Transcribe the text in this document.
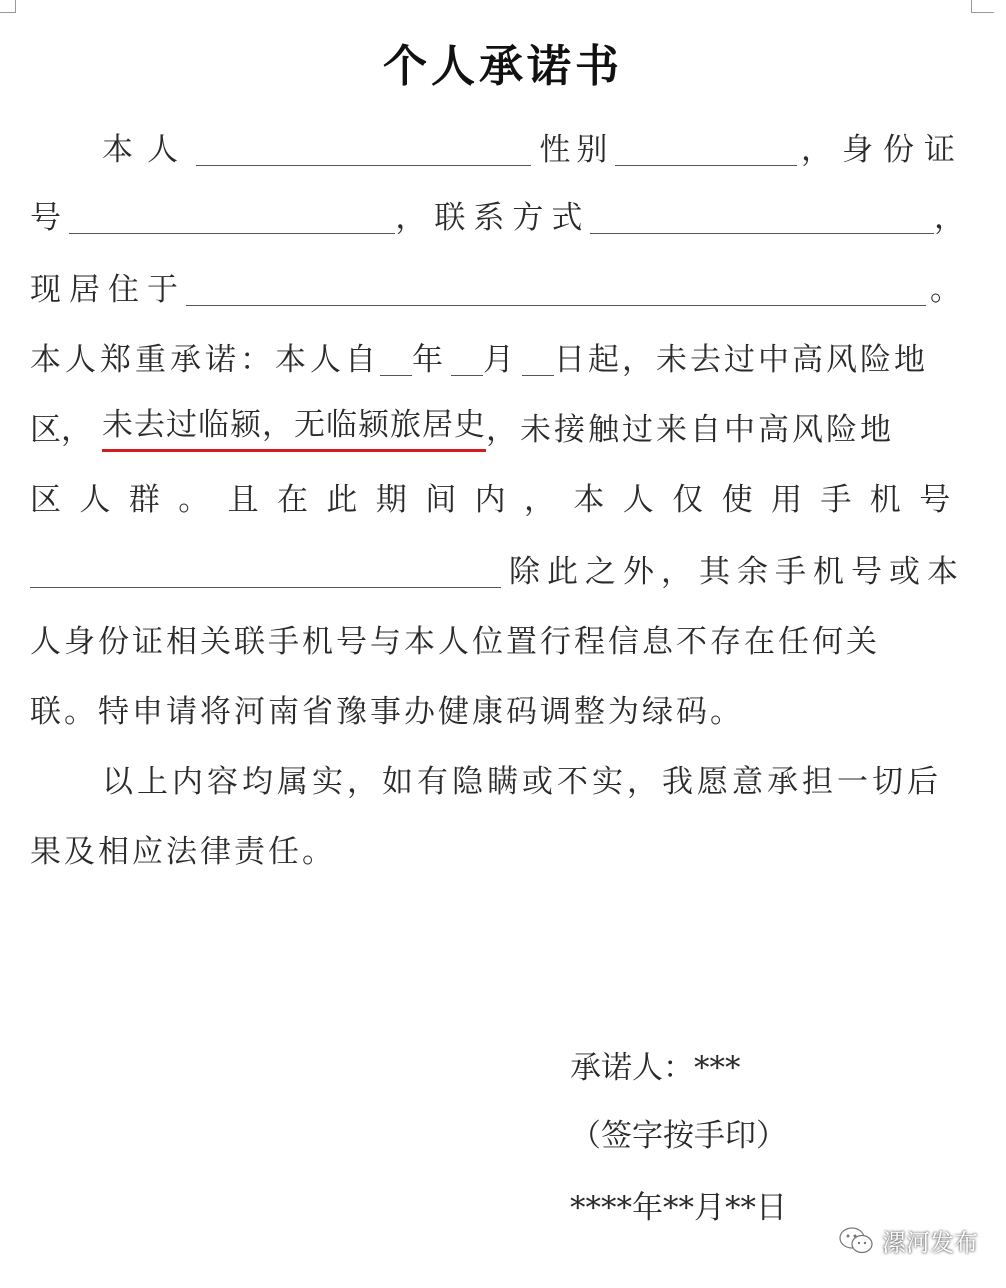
个人承诺书
本人	性别	，身份证
号	，联系方式	，
现居住于	。
本人郑重承诺：本人自 年 月 日起，未去过中高风险地
区， 未去过临颍，无临颍旅居史 ，未接触过来自中高风险地
区人群。且在此期间内，本人仅使用手机号
除此之外，其余手机号或本
人身份证相关联手机号与本人位置行程信息不存在任何关
联。特申请将河南省豫事办健康码调整为绿码。
以上内容均属实，如有隐瞒或不实，我愿意承担一切后
果及相应法律责任。
承诺人：***
（签字按手印）
****年**月**日
漯河发布
